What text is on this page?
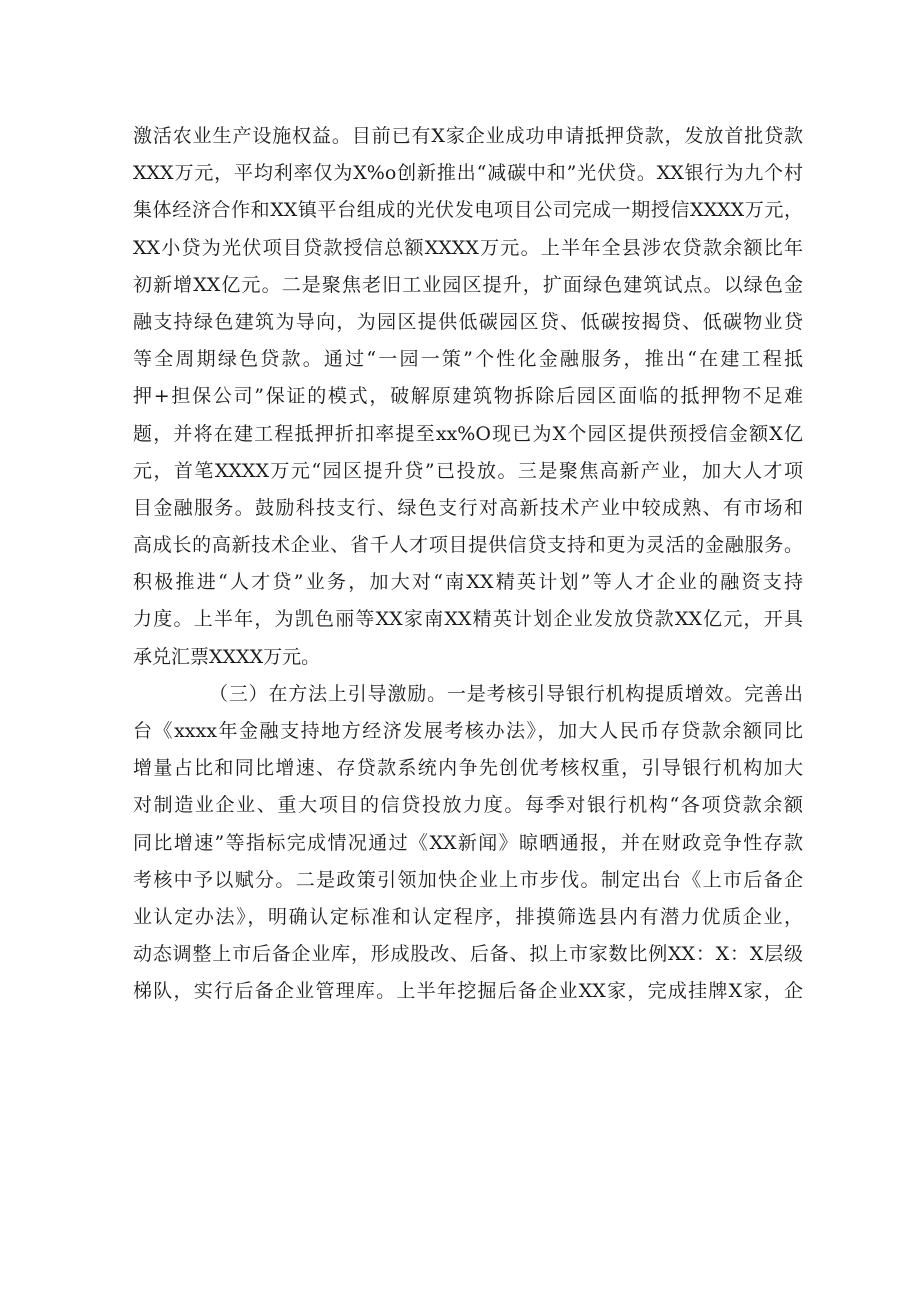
激活农业生产设施权益。目前已有X家企业成功申请抵押贷款，发放首批贷款
XXX万元，平均利率仅为X%o创新推出“减碳中和”光伏贷。XX银行为九个村
集体经济合作和XX镇平台组成的光伏发电项目公司完成一期授信XXXX万元，
XX小贷为光伏项目贷款授信总额XXXX万元。上半年全县涉农贷款余额比年
初新增XX亿元。二是聚焦老旧工业园区提升，扩面绿色建筑试点。以绿色金
融支持绿色建筑为导向，为园区提供低碳园区贷、低碳按揭贷、低碳物业贷
等全周期绿色贷款。通过“一园一策”个性化金融服务，推出“在建工程抵
押+担保公司”保证的模式，破解原建筑物拆除后园区面临的抵押物不足难
题，并将在建工程抵押折扣率提至xx%O现已为X个园区提供预授信金额X亿
元，首笔XXXX万元“园区提升贷”已投放。三是聚焦高新产业，加大人才项
目金融服务。鼓励科技支行、绿色支行对高新技术产业中较成熟、有市场和
高成长的高新技术企业、省千人才项目提供信贷支持和更为灵活的金融服务。
积极推进“人才贷”业务，加大对“南XX精英计划”等人才企业的融资支持
力度。上半年，为凯色丽等XX家南XX精英计划企业发放贷款XX亿元，开具
承兑汇票XXXX万元。
（三）在方法上引导激励。一是考核引导银行机构提质增效。完善出
台《xxxx年金融支持地方经济发展考核办法》，加大人民币存贷款余额同比
增量占比和同比增速、存贷款系统内争先创优考核权重，引导银行机构加大
对制造业企业、重大项目的信贷投放力度。每季对银行机构“各项贷款余额
同比增速”等指标完成情况通过《XX新闻》晾晒通报，并在财政竞争性存款
考核中予以赋分。二是政策引领加快企业上市步伐。制定出台《上市后备企
业认定办法》，明确认定标准和认定程序，排摸筛选县内有潜力优质企业，
动态调整上市后备企业库，形成股改、后备、拟上市家数比例XX：X：X层级
梯队，实行后备企业管理库。上半年挖掘后备企业XX家，完成挂牌X家，企
